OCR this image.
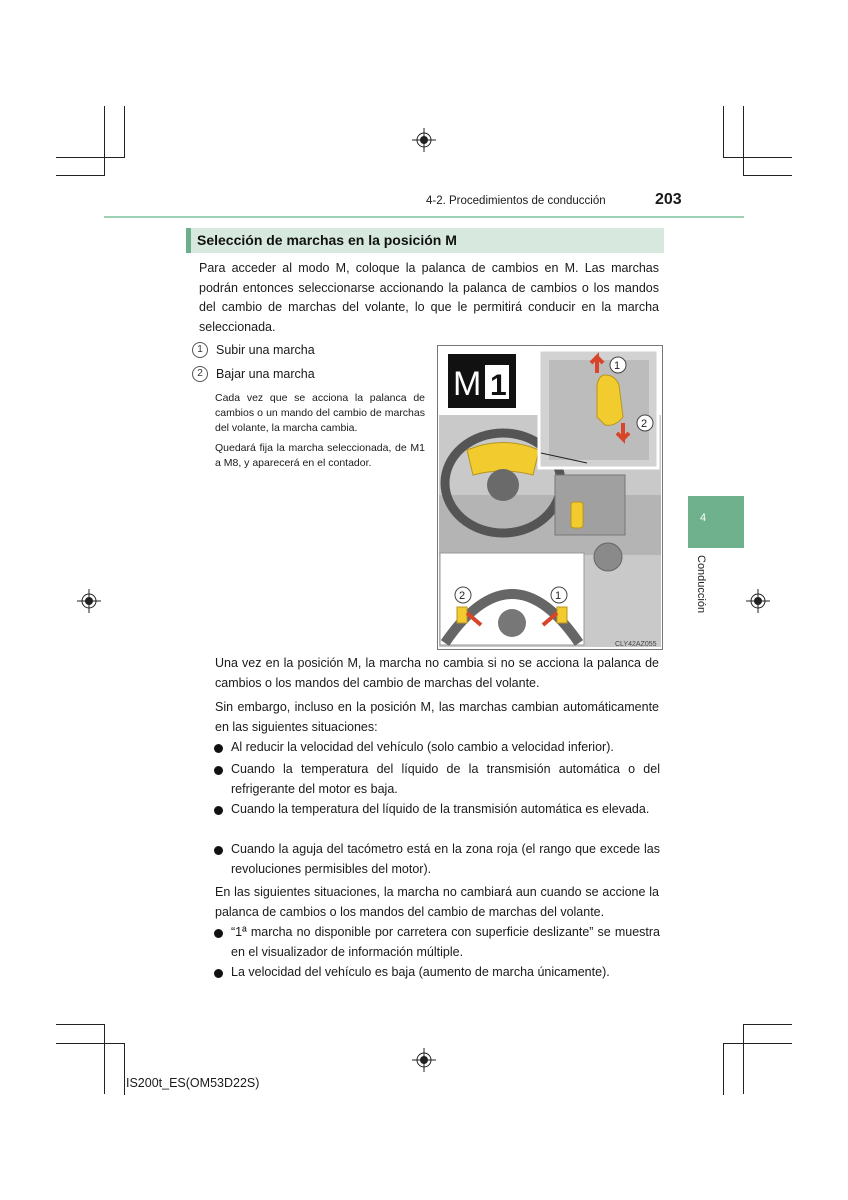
4-2. Procedimientos de conducción	203
Selección de marchas en la posición M
Para acceder al modo M, coloque la palanca de cambios en M. Las marchas podrán entonces seleccionarse accionando la palanca de cambios o los mandos del cambio de marchas del volante, lo que le permitirá conducir en la marcha seleccionada.
1	Subir una marcha
2	Bajar una marcha
Cada vez que se acciona la palanca de cambios o un mando del cambio de marchas del volante, la marcha cambia.
Quedará fija la marcha seleccionada, de M1 a M8, y aparecerá en el contador.
M 1
1
2
2	1
CLY42AZ055
Una vez en la posición M, la marcha no cambia si no se acciona la palanca de cambios o los mandos del cambio de marchas del volante.
Sin embargo, incluso en la posición M, las marchas cambian automáticamente en las siguientes situaciones:
Al reducir la velocidad del vehículo (solo cambio a velocidad inferior).
Cuando la temperatura del líquido de la transmisión automática o del refrigerante del motor es baja.
Cuando la temperatura del líquido de la transmisión automática es elevada.
Cuando la aguja del tacómetro está en la zona roja (el rango que excede las revoluciones permisibles del motor).
En las siguientes situaciones, la marcha no cambiará aun cuando se accione la palanca de cambios o los mandos del cambio de marchas del volante.
“1ª marcha no disponible por carretera con superficie deslizante” se muestra en el visualizador de información múltiple.
La velocidad del vehículo es baja (aumento de marcha únicamente).
4
Conducción
IS200t_ES(OM53D22S)
